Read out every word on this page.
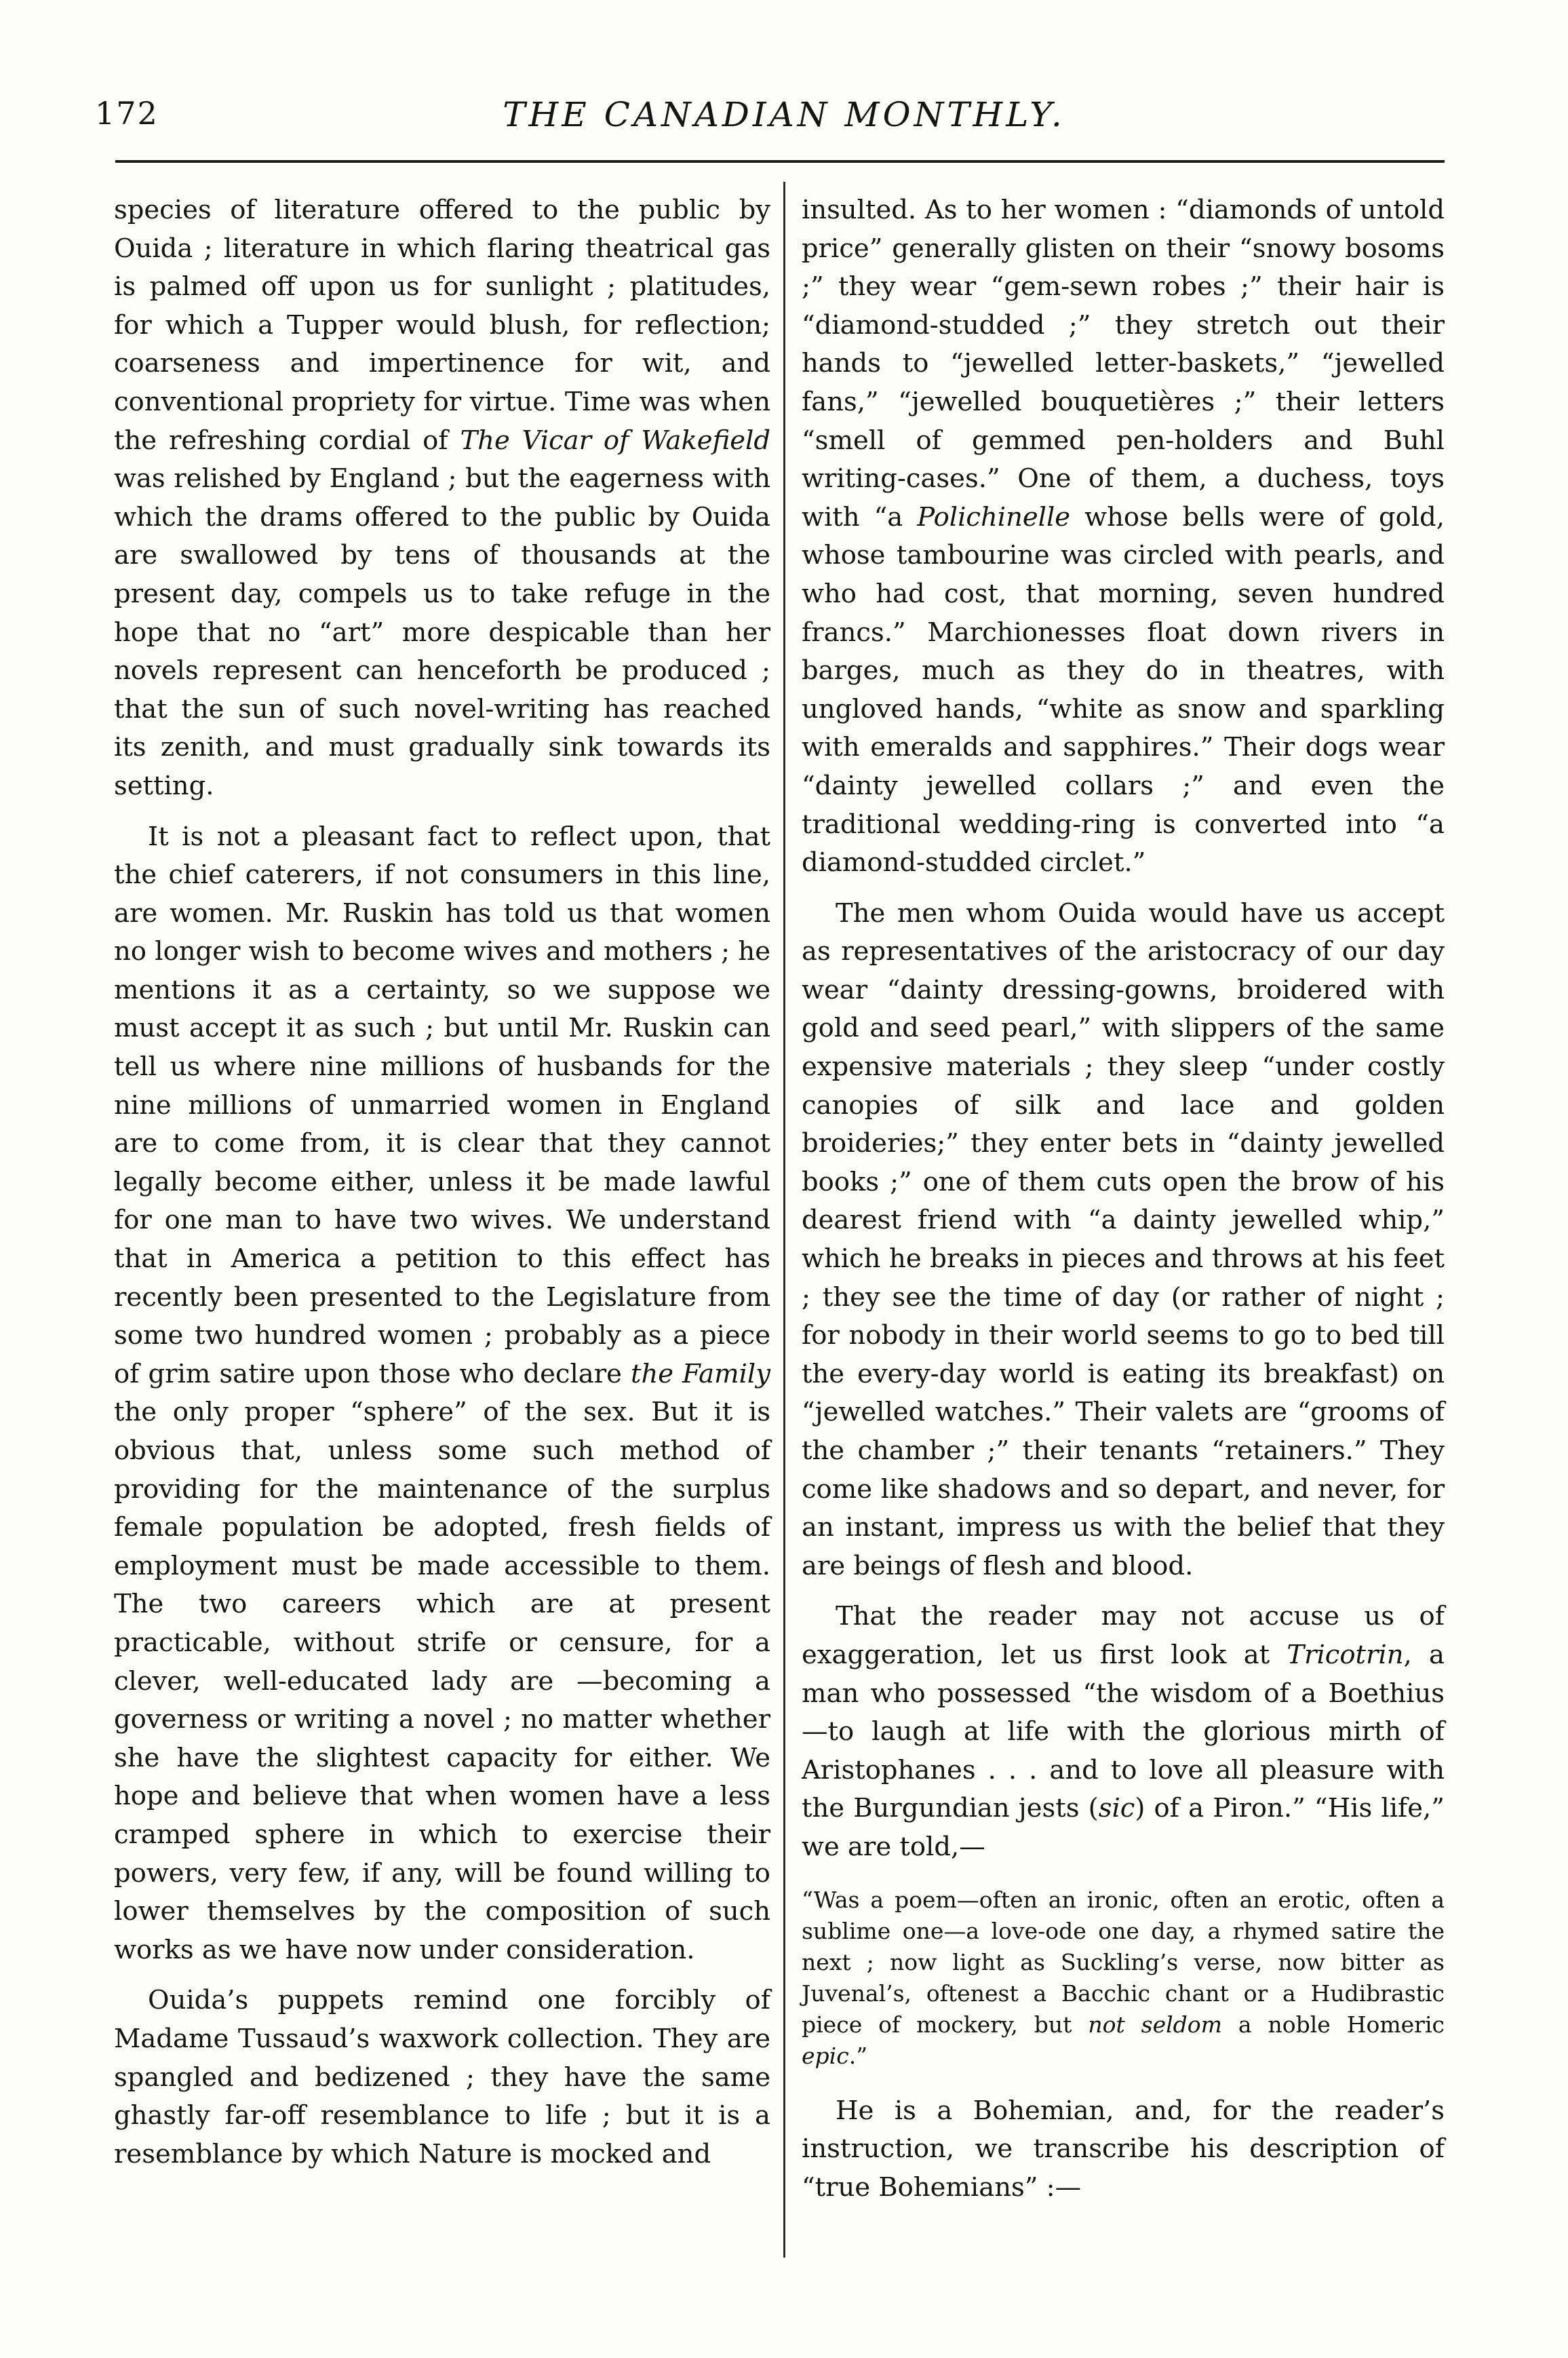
172	THE CANADIAN MONTHLY.

species of literature offered to the public by Ouida ; literature in which flaring theatrical gas is palmed off upon us for sunlight ; platitudes, for which a Tupper would blush, for reflection; coarseness and impertinence for wit, and conventional propriety for virtue. Time was when the refreshing cordial of The Vicar of Wakefield was relished by England ; but the eagerness with which the drams offered to the public by Ouida are swallowed by tens of thousands at the present day, compels us to take refuge in the hope that no “art” more despicable than her novels represent can henceforth be produced ; that the sun of such novel-writing has reached its zenith, and must gradually sink towards its setting.

It is not a pleasant fact to reflect upon, that the chief caterers, if not consumers in this line, are women. Mr. Ruskin has told us that women no longer wish to become wives and mothers ; he mentions it as a certainty, so we suppose we must accept it as such ; but until Mr. Ruskin can tell us where nine millions of husbands for the nine millions of unmarried women in England are to come from, it is clear that they cannot legally become either, unless it be made lawful for one man to have two wives. We understand that in America a petition to this effect has recently been presented to the Legislature from some two hundred women ; probably as a piece of grim satire upon those who declare the Family the only proper “sphere” of the sex. But it is obvious that, unless some such method of providing for the maintenance of the surplus female population be adopted, fresh fields of employment must be made accessible to them. The two careers which are at present practicable, without strife or censure, for a clever, well-educated lady are —becoming a governess or writing a novel ; no matter whether she have the slightest capacity for either. We hope and believe that when women have a less cramped sphere in which to exercise their powers, very few, if any, will be found willing to lower themselves by the composition of such works as we have now under consideration.

Ouida’s puppets remind one forcibly of Madame Tussaud’s waxwork collection. They are spangled and bedizened ; they have the same ghastly far-off resemblance to life ; but it is a resemblance by which Nature is mocked and

insulted. As to her women : “diamonds of untold price” generally glisten on their “snowy bosoms ;” they wear “gem-sewn robes ;” their hair is “diamond-studded ;” they stretch out their hands to “jewelled letter-baskets,” “jewelled fans,” “jewelled bouquetières ;” their letters “smell of gemmed pen-holders and Buhl writing-cases.” One of them, a duchess, toys with “a Polichinelle whose bells were of gold, whose tambourine was circled with pearls, and who had cost, that morning, seven hundred francs.” Marchionesses float down rivers in barges, much as they do in theatres, with ungloved hands, “white as snow and sparkling with emeralds and sapphires.” Their dogs wear “dainty jewelled collars ;” and even the traditional wedding-ring is converted into “a diamond-studded circlet.”

The men whom Ouida would have us accept as representatives of the aristocracy of our day wear “dainty dressing-gowns, broidered with gold and seed pearl,” with slippers of the same expensive materials ; they sleep “under costly canopies of silk and lace and golden broideries;” they enter bets in “dainty jewelled books ;” one of them cuts open the brow of his dearest friend with “a dainty jewelled whip,” which he breaks in pieces and throws at his feet ; they see the time of day (or rather of night ; for nobody in their world seems to go to bed till the every-day world is eating its breakfast) on “jewelled watches.” Their valets are “grooms of the chamber ;” their tenants “retainers.” They come like shadows and so depart, and never, for an instant, impress us with the belief that they are beings of flesh and blood.

That the reader may not accuse us of exaggeration, let us first look at Tricotrin, a man who possessed “the wisdom of a Boethius—to laugh at life with the glorious mirth of Aristophanes . . . and to love all pleasure with the Burgundian jests (sic) of a Piron.” “His life,” we are told,—

“Was a poem—often an ironic, often an erotic, often a sublime one—a love-ode one day, a rhymed satire the next ; now light as Suckling’s verse, now bitter as Juvenal’s, oftenest a Bacchic chant or a Hudibrastic piece of mockery, but not seldom a noble Homeric epic.”

He is a Bohemian, and, for the reader’s instruction, we transcribe his description of “true Bohemians” :—
